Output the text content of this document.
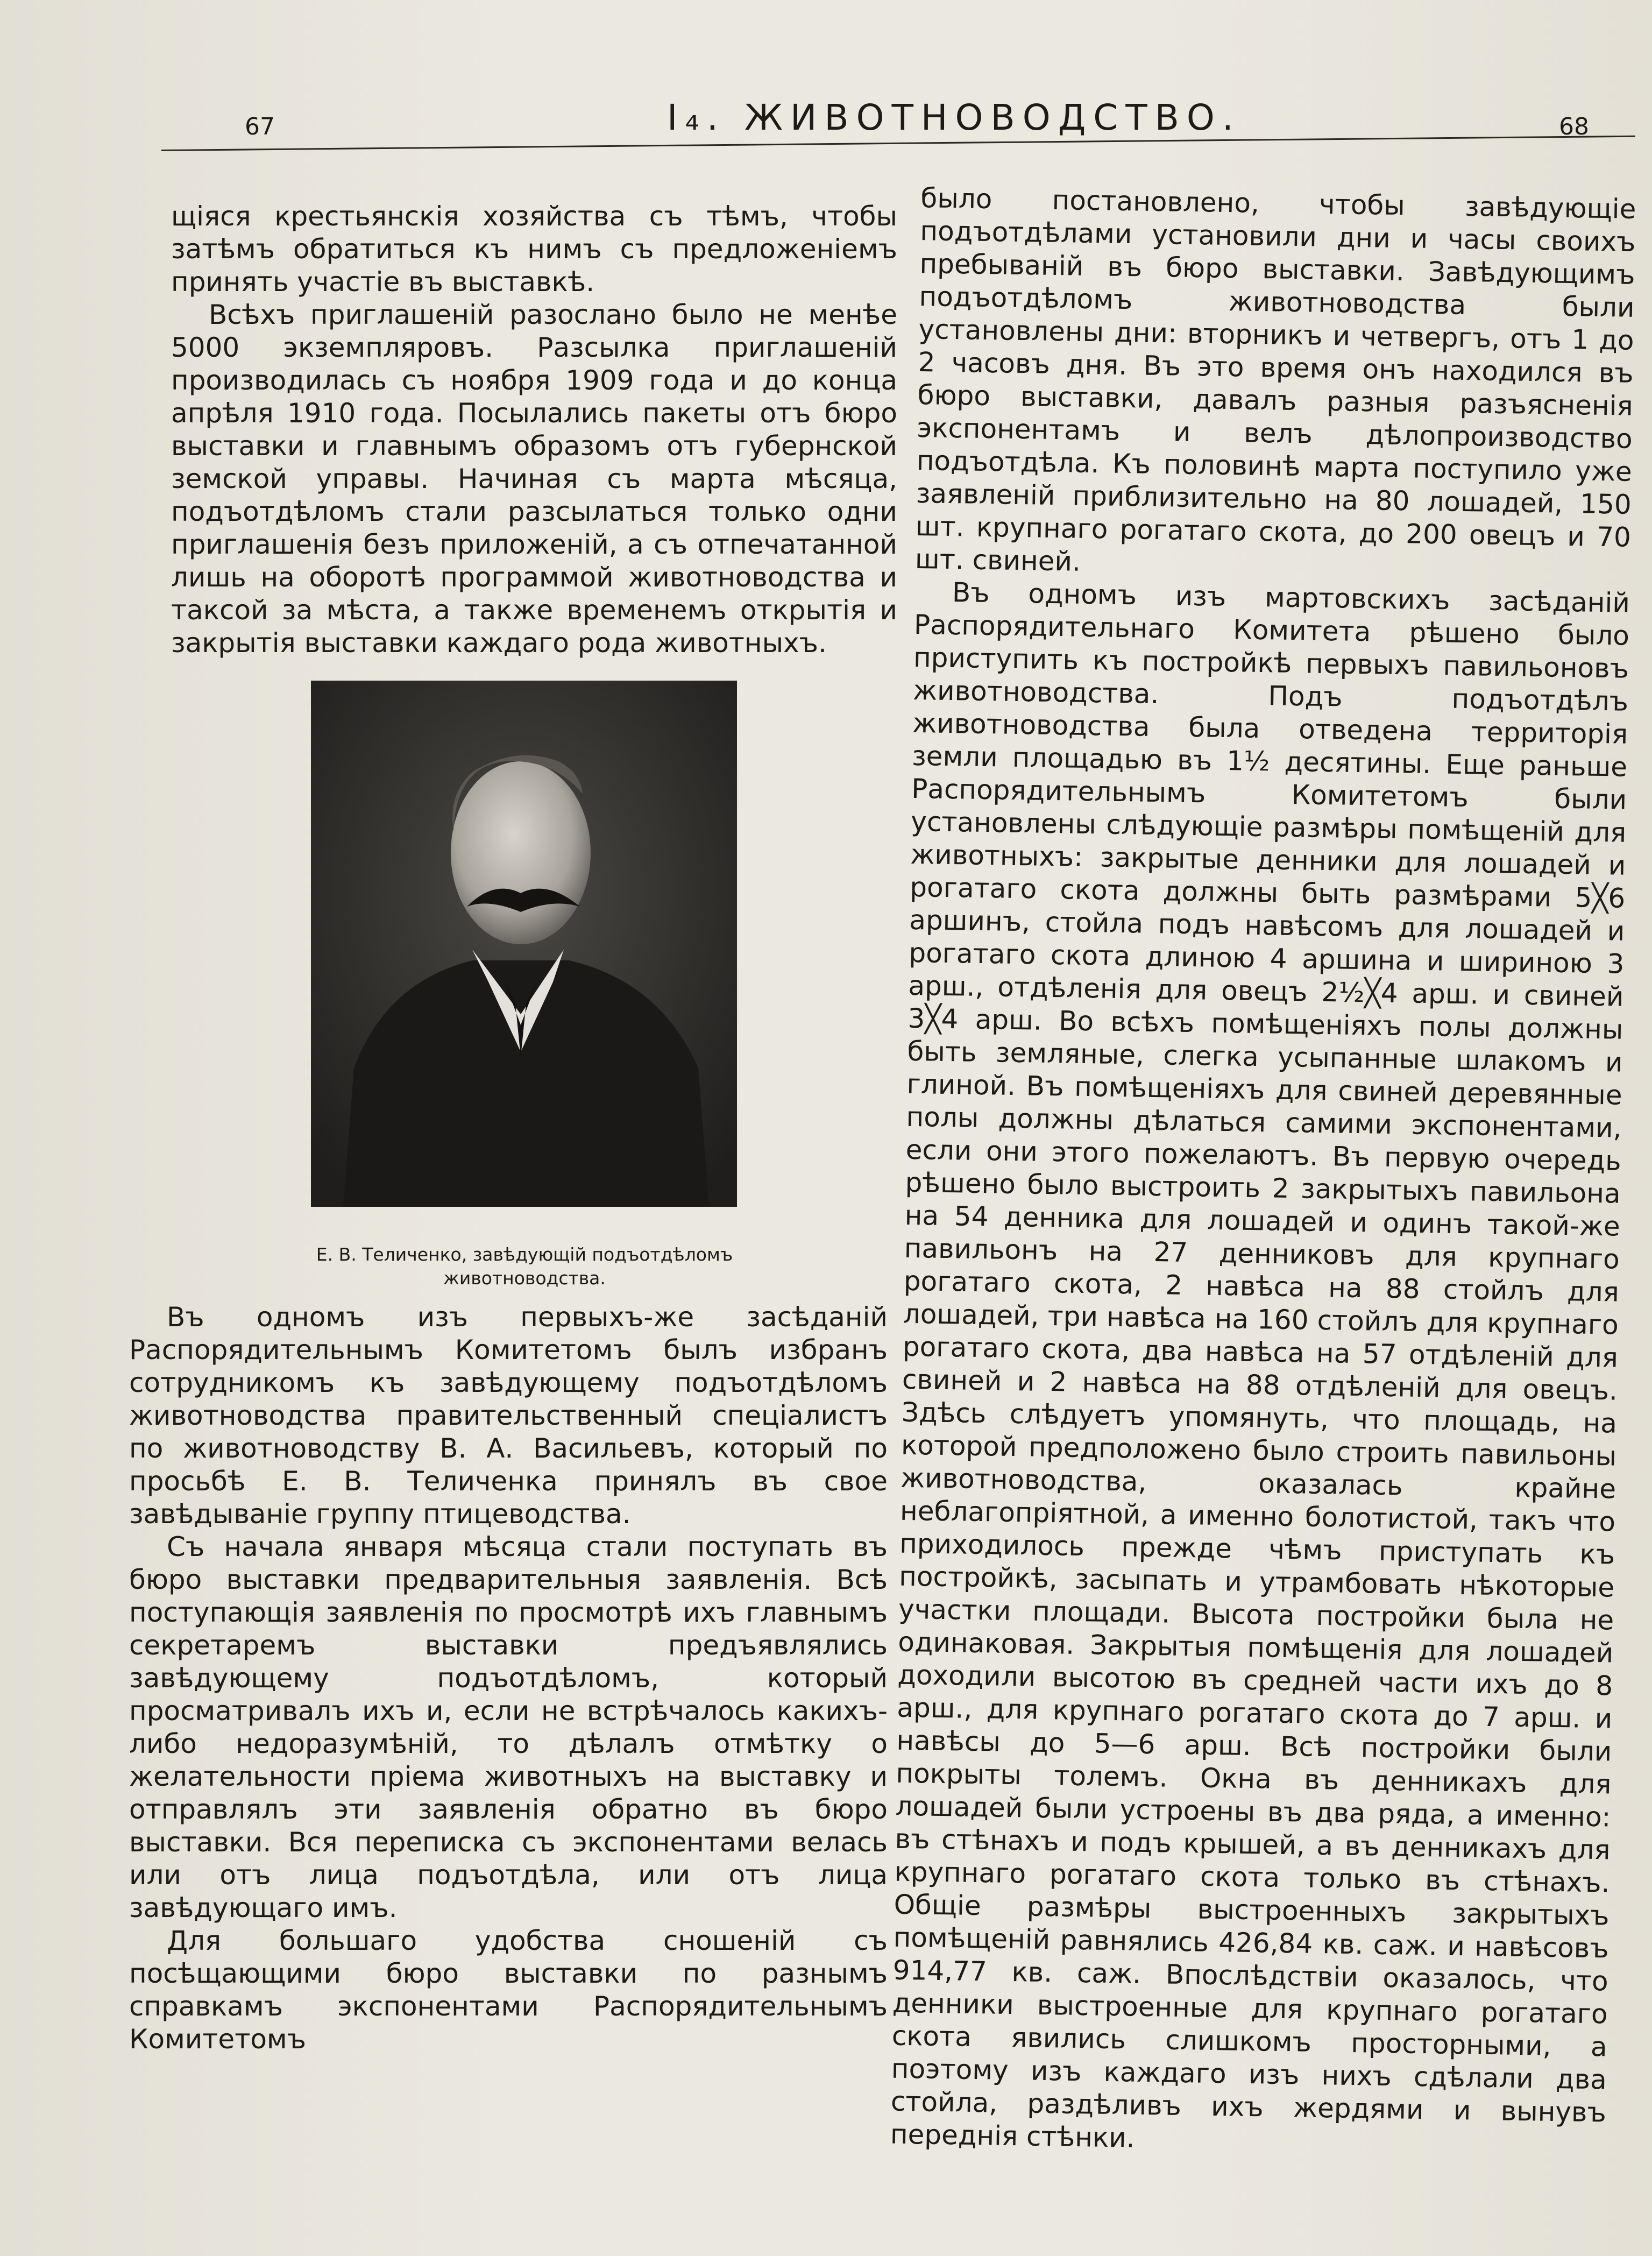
67	I₄. ЖИВОТНОВОДСТВО.	68

щіяся крестьянскія хозяйства съ тѣмъ, чтобы затѣмъ обратиться къ нимъ съ предложеніемъ принять участіе въ выставкѣ.

Всѣхъ приглашеній разослано было не менѣе 5000 экземпляровъ. Разсылка приглашеній производилась съ ноября 1909 года и до конца апрѣля 1910 года. Посылались пакеты отъ бюро выставки и главнымъ образомъ отъ губернской земской управы. Начиная съ марта мѣсяца, подъотдѣломъ стали разсылаться только одни приглашенія безъ приложеній, а съ отпечатанной лишь на оборотѣ программой животноводства и таксой за мѣста, а также временемъ открытія и закрытія выставки каждаго рода животныхъ.

Е. В. Теличенко, завѣдующій подъотдѣломъ животноводства.

Въ одномъ изъ первыхъ-же засѣданій Распорядительнымъ Комитетомъ былъ избранъ сотрудникомъ къ завѣдующему подъотдѣломъ животноводства правительственный спеціалистъ по животноводству В. А. Васильевъ, который по просьбѣ Е. В. Теличенка принялъ въ свое завѣдываніе группу птицеводства.

Съ начала января мѣсяца стали поступать въ бюро выставки предварительныя заявленія. Всѣ поступающія заявленія по просмотрѣ ихъ главнымъ секретаремъ выставки предъявлялись завѣдующему подъотдѣломъ, который просматривалъ ихъ и, если не встрѣчалось какихъ-либо недоразумѣній, то дѣлалъ отмѣтку о желательности пріема животныхъ на выставку и отправлялъ эти заявленія обратно въ бюро выставки. Вся переписка съ экспонентами велась или отъ лица подъотдѣла, или отъ лица завѣдующаго имъ.

Для большаго удобства сношеній съ посѣщающими бюро выставки по разнымъ справкамъ экспонентами Распорядительнымъ Комитетомъ

было постановлено, чтобы завѣдующіе подъотдѣлами установили дни и часы своихъ пребываній въ бюро выставки. Завѣдующимъ подъотдѣломъ животноводства были установлены дни: вторникъ и четвергъ, отъ 1 до 2 часовъ дня. Въ это время онъ находился въ бюро выставки, давалъ разныя разъясненія экспонентамъ и велъ дѣлопроизводство подъотдѣла. Къ половинѣ марта поступило уже заявленій приблизительно на 80 лошадей, 150 шт. крупнаго рогатаго скота, до 200 овецъ и 70 шт. свиней.

Въ одномъ изъ мартовскихъ засѣданій Распорядительнаго Комитета рѣшено было приступить къ постройкѣ первыхъ павильоновъ животноводства. Подъ подъотдѣлъ животноводства была отведена территорія земли площадью въ 1½ десятины. Еще раньше Распорядительнымъ Комитетомъ были установлены слѣдующіе размѣры помѣщеній для животныхъ: закрытые денники для лошадей и рогатаго скота должны быть размѣрами 5╳6 аршинъ, стойла подъ навѣсомъ для лошадей и рогатаго скота длиною 4 аршина и шириною 3 арш., отдѣленія для овецъ 2½╳4 арш. и свиней 3╳4 арш. Во всѣхъ помѣщеніяхъ полы должны быть земляные, слегка усыпанные шлакомъ и глиной. Въ помѣщеніяхъ для свиней деревянные полы должны дѣлаться самими экспонентами, если они этого пожелаютъ. Въ первую очередь рѣшено было выстроить 2 закрытыхъ павильона на 54 денника для лошадей и одинъ такой-же павильонъ на 27 денниковъ для крупнаго рогатаго скота, 2 навѣса на 88 стойлъ для лошадей, три навѣса на 160 стойлъ для крупнаго рогатаго скота, два навѣса на 57 отдѣленій для свиней и 2 навѣса на 88 отдѣленій для овецъ. Здѣсь слѣдуетъ упомянуть, что площадь, на которой предположено было строить павильоны животноводства, оказалась крайне неблагопріятной, а именно болотистой, такъ что приходилось прежде чѣмъ приступать къ постройкѣ, засыпать и утрамбовать нѣкоторые участки площади. Высота постройки была не одинаковая. Закрытыя помѣщенія для лошадей доходили высотою въ средней части ихъ до 8 арш., для крупнаго рогатаго скота до 7 арш. и навѣсы до 5—6 арш. Всѣ постройки были покрыты толемъ. Окна въ денникахъ для лошадей были устроены въ два ряда, а именно: въ стѣнахъ и подъ крышей, а въ денникахъ для крупнаго рогатаго скота только въ стѣнахъ. Общіе размѣры выстроенныхъ закрытыхъ помѣщеній равнялись 426,84 кв. саж. и навѣсовъ 914,77 кв. саж. Впослѣдствіи оказалось, что денники выстроенные для крупнаго рогатаго скота явились слишкомъ просторными, а поэтому изъ каждаго изъ нихъ сдѣлали два стойла, раздѣливъ ихъ жердями и вынувъ переднія стѣнки.
